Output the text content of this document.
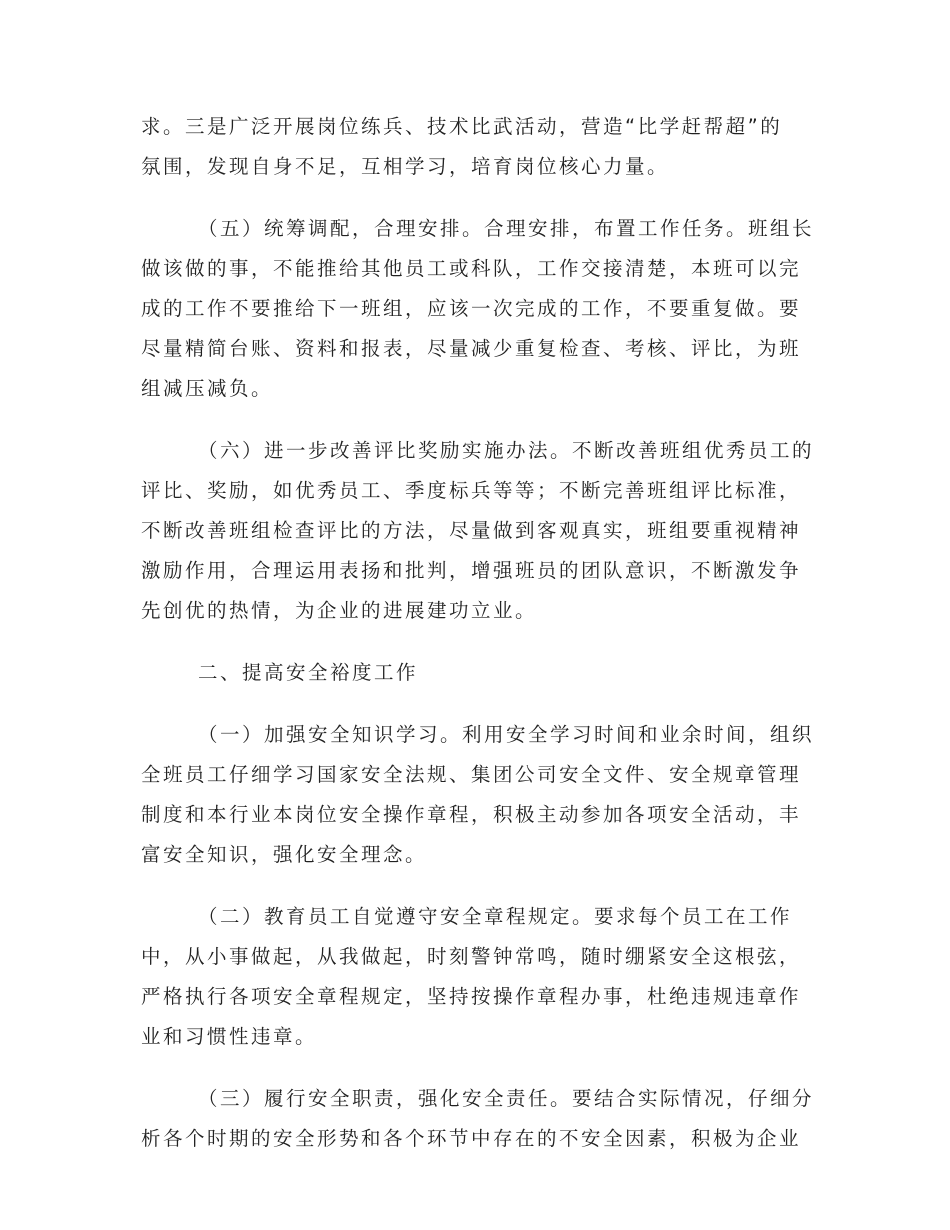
求。三是广泛开展岗位练兵、技术比武活动，营造“比学赶帮超”的
氛围，发现自身不足，互相学习，培育岗位核心力量。

（五）统筹调配，合理安排。合理安排，布置工作任务。班组长
做该做的事，不能推给其他员工或科队，工作交接清楚，本班可以完
成的工作不要推给下一班组，应该一次完成的工作，不要重复做。要
尽量精简台账、资料和报表，尽量减少重复检查、考核、评比，为班
组减压减负。

（六）进一步改善评比奖励实施办法。不断改善班组优秀员工的
评比、奖励，如优秀员工、季度标兵等等；不断完善班组评比标准，
不断改善班组检查评比的方法，尽量做到客观真实，班组要重视精神
激励作用，合理运用表扬和批判，增强班员的团队意识，不断激发争
先创优的热情，为企业的进展建功立业。

二、提高安全裕度工作

（一）加强安全知识学习。利用安全学习时间和业余时间，组织
全班员工仔细学习国家安全法规、集团公司安全文件、安全规章管理
制度和本行业本岗位安全操作章程，积极主动参加各项安全活动，丰
富安全知识，强化安全理念。

（二）教育员工自觉遵守安全章程规定。要求每个员工在工作
中，从小事做起，从我做起，时刻警钟常鸣，随时绷紧安全这根弦，
严格执行各项安全章程规定，坚持按操作章程办事，杜绝违规违章作
业和习惯性违章。

（三）履行安全职责，强化安全责任。要结合实际情况，仔细分
析各个时期的安全形势和各个环节中存在的不安全因素，积极为企业
